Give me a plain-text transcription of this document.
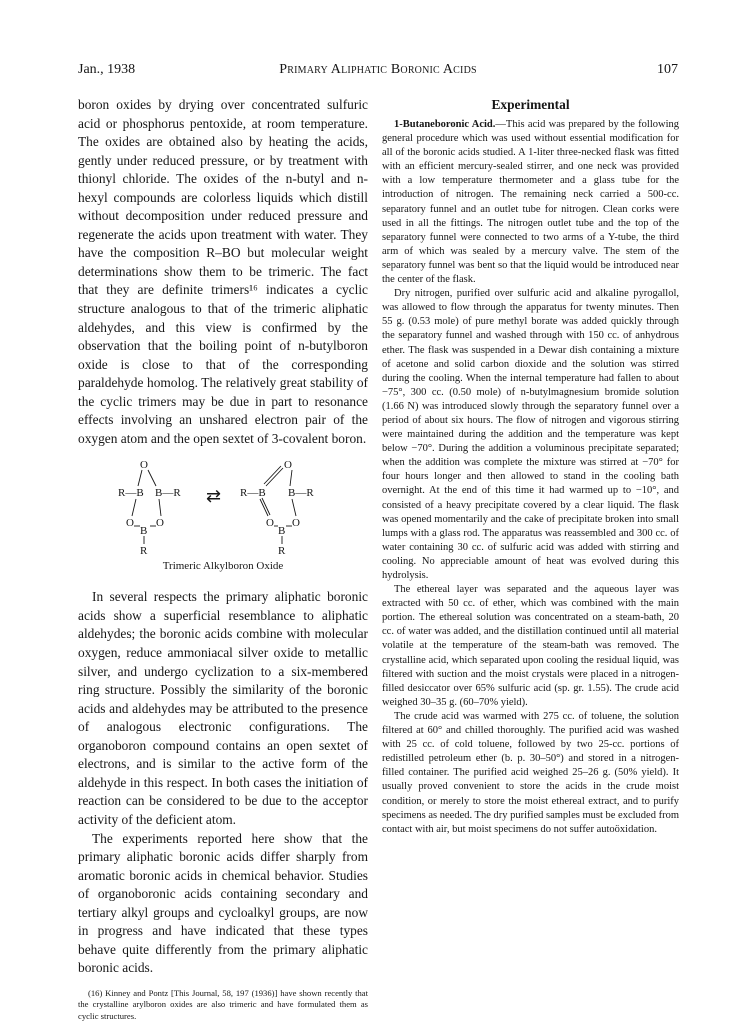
Jan., 1938	Primary Aliphatic Boronic Acids	107

boron oxides by drying over concentrated sulfuric acid or phosphorus pentoxide, at room temperature. The oxides are obtained also by heating the acids, gently under reduced pressure, or by treatment with thionyl chloride. The oxides of the n-butyl and n-hexyl compounds are colorless liquids which distill without decomposition under reduced pressure and regenerate the acids upon treatment with water. They have the composition R–BO but molecular weight determinations show them to be trimeric. The fact that they are definite trimers¹⁶ indicates a cyclic structure analogous to that of the trimeric aliphatic aldehydes, and this view is confirmed by the observation that the boiling point of n-butylboron oxide is close to that of the corresponding paraldehyde homolog. The relatively great stability of the cyclic trimers may be due in part to resonance effects involving an unshared electron pair of the oxygen atom and the open sextet of 3-covalent boron.

O
R—B B—R
O O
B
R
O
R—B B—R
O O
B
R
⇄
Trimeric Alkylboron Oxide

In several respects the primary aliphatic boronic acids show a superficial resemblance to aliphatic aldehydes; the boronic acids combine with molecular oxygen, reduce ammoniacal silver oxide to metallic silver, and undergo cyclization to a six-membered ring structure. Possibly the similarity of the boronic acids and aldehydes may be attributed to the presence of analogous electronic configurations. The organoboron compound contains an open sextet of electrons, and is similar to the active form of the aldehyde in this respect. In both cases the initiation of reaction can be considered to be due to the acceptor activity of the deficient atom.

The experiments reported here show that the primary aliphatic boronic acids differ sharply from aromatic boronic acids in chemical behavior. Studies of organoboronic acids containing secondary and tertiary alkyl groups and cycloalkyl groups, are now in progress and have indicated that these types behave quite differently from the primary aliphatic boronic acids.

(16) Kinney and Pontz [This Journal, 58, 197 (1936)] have shown recently that the crystalline arylboron oxides are also trimeric and have formulated them as cyclic structures.
Experimental

1-Butaneboronic Acid.—This acid was prepared by the following general procedure which was used without essential modification for all of the boronic acids studied. A 1-liter three-necked flask was fitted with an efficient mercury-sealed stirrer, and one neck was provided with a low temperature thermometer and a glass tube for the introduction of nitrogen. The remaining neck carried a 500-cc. separatory funnel and an outlet tube for nitrogen. Clean corks were used in all the fittings. The nitrogen outlet tube and the top of the separatory funnel were connected to two arms of a Y-tube, the third arm of which was sealed by a mercury valve. The stem of the separatory funnel was bent so that the liquid would be introduced near the center of the flask.

Dry nitrogen, purified over sulfuric acid and alkaline pyrogallol, was allowed to flow through the apparatus for twenty minutes. Then 55 g. (0.53 mole) of pure methyl borate was added quickly through the separatory funnel and washed through with 150 cc. of anhydrous ether. The flask was suspended in a Dewar dish containing a mixture of acetone and solid carbon dioxide and the solution was stirred during the cooling. When the internal temperature had fallen to about −75°, 300 cc. (0.50 mole) of n-butylmagnesium bromide solution (1.66 N) was introduced slowly through the separatory funnel over a period of about six hours. The flow of nitrogen and vigorous stirring were maintained during the addition and the temperature was kept below −70°. During the addition a voluminous precipitate separated; when the addition was complete the mixture was stirred at −70° for four hours longer and then allowed to stand in the cooling bath overnight. At the end of this time it had warmed up to −10°, and consisted of a heavy precipitate covered by a clear liquid. The flask was opened momentarily and the cake of precipitate broken into small lumps with a glass rod. The apparatus was reassembled and 300 cc. of water containing 30 cc. of sulfuric acid was added with stirring and cooling. No appreciable amount of heat was evolved during this hydrolysis.

The ethereal layer was separated and the aqueous layer was extracted with 50 cc. of ether, which was combined with the main portion. The ethereal solution was concentrated on a steam-bath, 20 cc. of water was added, and the distillation continued until all material volatile at the temperature of the steam-bath was removed. The crystalline acid, which separated upon cooling the residual liquid, was filtered with suction and the moist crystals were placed in a nitrogen-filled desiccator over 65% sulfuric acid (sp. gr. 1.55). The crude acid weighed 30–35 g. (60–70% yield).

The crude acid was warmed with 275 cc. of toluene, the solution filtered at 60° and chilled thoroughly. The purified acid was washed with 25 cc. of cold toluene, followed by two 25-cc. portions of redistilled petroleum ether (b. p. 30–50°) and stored in a nitrogen-filled container. The purified acid weighed 25–26 g. (50% yield). It usually proved convenient to store the acids in the crude moist condition, or merely to store the moist ethereal extract, and to purify specimens as needed. The dry purified samples must be excluded from contact with air, but moist specimens do not suffer autoöxidation.
